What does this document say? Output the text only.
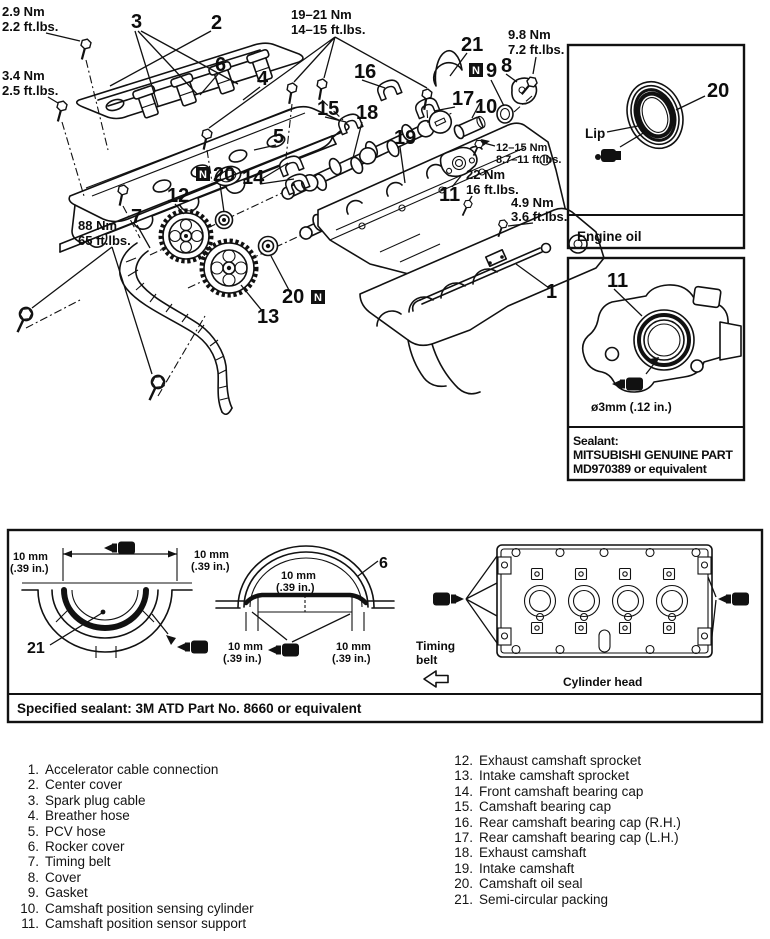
2.9 Nm
2.2 ft.lbs.
3.4 Nm
2.5 ft.lbs.
88 Nm
65 ft.lbs.
19–21 Nm
14–15 ft.lbs.	9.8 Nm
7.2 ft.lbs.
12–15 Nm
8.7–11 ft.lbs.
22 Nm
16 ft.lbs.
4.9 Nm
3.6 ft.lbs.
3	2
6
4
5
12
7
N 20 14
13
20 N	1
21
N 9 8
16
15 18
17 10
19
11
20
Lip
Engine oil
11
ø3mm (.12 in.)
Sealant:
MITSUBISHI GENUINE PART
MD970389 or equivalent
10 mm
(.39 in.)
10 mm
(.39 in.)
21
10 mm
(.39 in.)
6
10 mm
(.39 in.)
10 mm
(.39 in.)
Timing
belt
Cylinder head
Specified sealant: 3M ATD Part No. 8660 or equivalent
1. Accelerator cable connection
2. Center cover
3. Spark plug cable
4. Breather hose
5. PCV hose
6. Rocker cover
7. Timing belt
8. Cover
9. Gasket
10. Camshaft position sensing cylinder
11. Camshaft position sensor support
12. Exhaust camshaft sprocket
13. Intake camshaft sprocket
14. Front camshaft bearing cap
15. Camshaft bearing cap
16. Rear camshaft bearing cap (R.H.)
17. Rear camshaft bearing cap (L.H.)
18. Exhaust camshaft
19. Intake camshaft
20. Camshaft oil seal
21. Semi-circular packing
